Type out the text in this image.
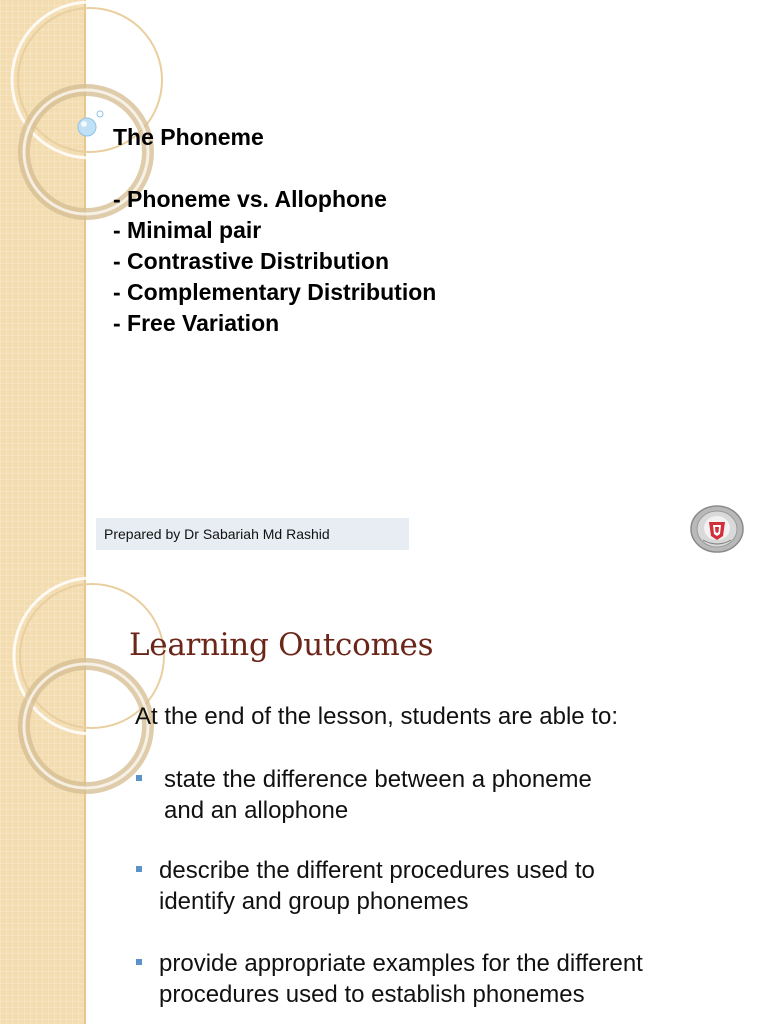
The Phoneme
- Phoneme vs. Allophone
- Minimal pair
- Contrastive Distribution
- Complementary Distribution
- Free Variation
Prepared by Dr Sabariah Md Rashid
Learning Outcomes
At the end of the lesson, students are able to:
state the difference between a phoneme
and an allophone
describe the different procedures used to
identify and group phonemes
provide appropriate examples for the different
procedures used to establish phonemes
